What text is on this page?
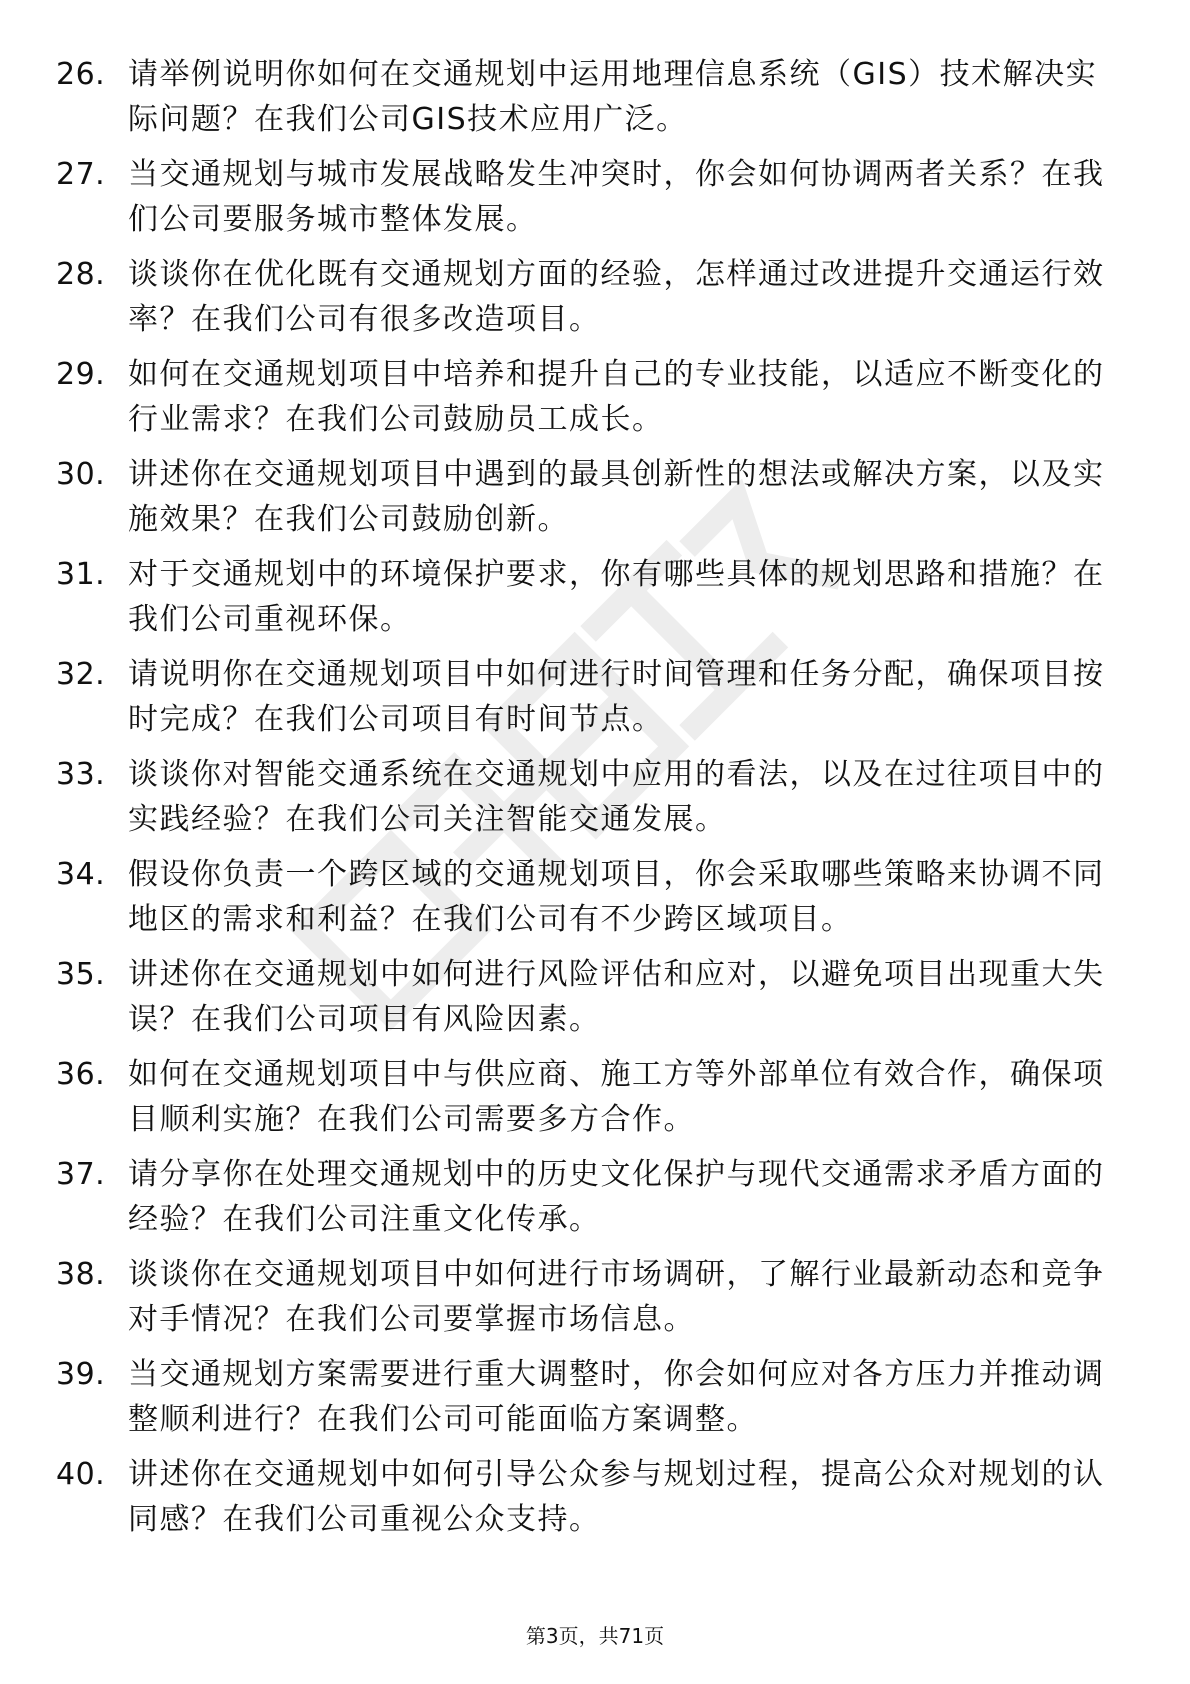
26. 请举例说明你如何在交通规划中运用地理信息系统（GIS）技术解决实际问题？在我们公司GIS技术应用广泛。
27. 当交通规划与城市发展战略发生冲突时，你会如何协调两者关系？在我们公司要服务城市整体发展。
28. 谈谈你在优化既有交通规划方面的经验，怎样通过改进提升交通运行效率？在我们公司有很多改造项目。
29. 如何在交通规划项目中培养和提升自己的专业技能，以适应不断变化的行业需求？在我们公司鼓励员工成长。
30. 讲述你在交通规划项目中遇到的最具创新性的想法或解决方案，以及实施效果？在我们公司鼓励创新。
31. 对于交通规划中的环境保护要求，你有哪些具体的规划思路和措施？在我们公司重视环保。
32. 请说明你在交通规划项目中如何进行时间管理和任务分配，确保项目按时完成？在我们公司项目有时间节点。
33. 谈谈你对智能交通系统在交通规划中应用的看法，以及在过往项目中的实践经验？在我们公司关注智能交通发展。
34. 假设你负责一个跨区域的交通规划项目，你会采取哪些策略来协调不同地区的需求和利益？在我们公司有不少跨区域项目。
35. 讲述你在交通规划中如何进行风险评估和应对，以避免项目出现重大失误？在我们公司项目有风险因素。
36. 如何在交通规划项目中与供应商、施工方等外部单位有效合作，确保项目顺利实施？在我们公司需要多方合作。
37. 请分享你在处理交通规划中的历史文化保护与现代交通需求矛盾方面的经验？在我们公司注重文化传承。
38. 谈谈你在交通规划项目中如何进行市场调研，了解行业最新动态和竞争对手情况？在我们公司要掌握市场信息。
39. 当交通规划方案需要进行重大调整时，你会如何应对各方压力并推动调整顺利进行？在我们公司可能面临方案调整。
40. 讲述你在交通规划中如何引导公众参与规划过程，提高公众对规划的认同感？在我们公司重视公众支持。
第3页，共71页
